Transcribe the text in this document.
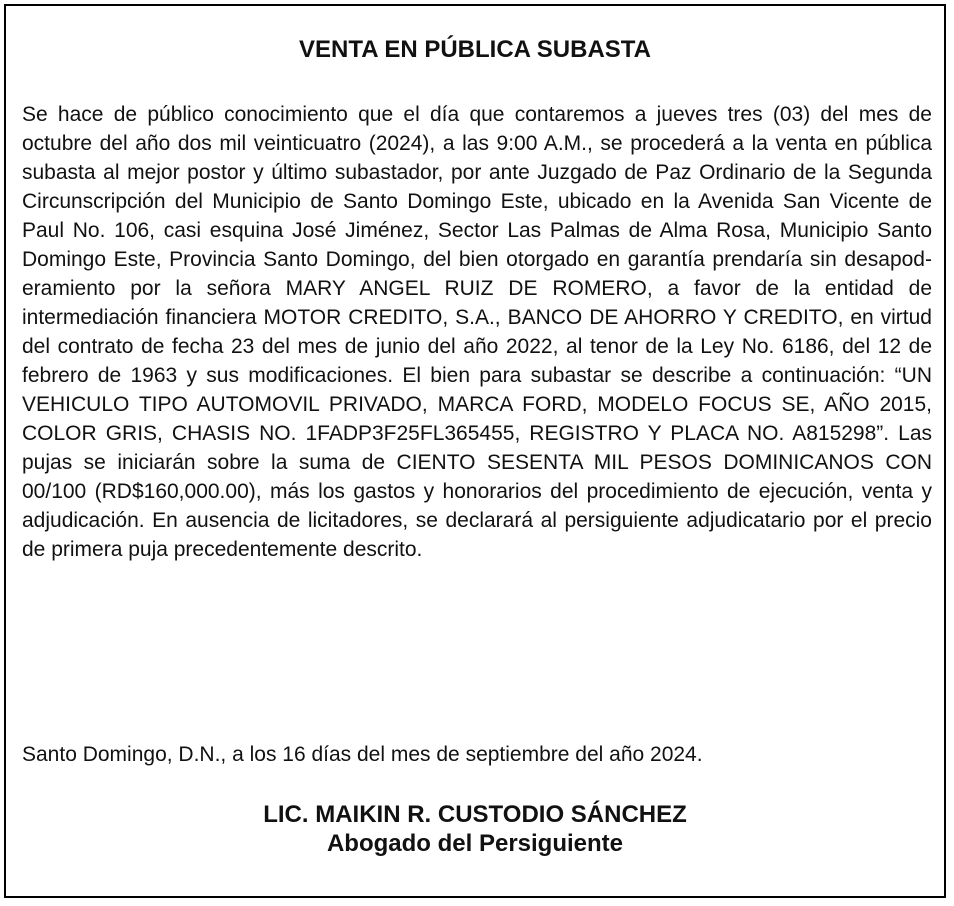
VENTA EN PÚBLICA SUBASTA

Se hace de público conocimiento que el día que contaremos a jueves tres (03) del mes de octubre del año dos mil veinticuatro (2024), a las 9:00 A.M., se procederá a la venta en pública subasta al mejor postor y último subastador, por ante Juzgado de Paz Ordinario de la Segunda Circunscripción del Municipio de Santo Domingo Este, ubicado en la Avenida San Vicente de Paul No. 106, casi esquina José Jiménez, Sector Las Palmas de Alma Rosa, Municipio Santo Domingo Este, Provincia Santo Domingo, del bien otorgado en garantía prendaría sin desapoderamiento por la señora MARY ANGEL RUIZ DE ROMERO, a favor de la entidad de intermediación financiera MOTOR CREDITO, S.A., BANCO DE AHORRO Y CREDITO, en virtud del contrato de fecha 23 del mes de junio del año 2022, al tenor de la Ley No. 6186, del 12 de febrero de 1963 y sus modificaciones. El bien para subastar se describe a continuación: “UN VEHICULO TIPO AUTOMOVIL PRIVADO, MARCA FORD, MODELO FOCUS SE, AÑO 2015, COLOR GRIS, CHASIS NO. 1FADP3F25FL365455, REGISTRO Y PLACA NO. A815298”. Las pujas se iniciarán sobre la suma de CIENTO SESENTA MIL PESOS DOMINICANOS CON 00/100 (RD$160,000.00), más los gastos y honorarios del procedimiento de ejecución, venta y adjudicación. En ausencia de licitadores, se declarará al persiguiente adjudicatario por el precio de primera puja precedentemente descrito.

Santo Domingo, D.N., a los 16 días del mes de septiembre del año 2024.

LIC. MAIKIN R. CUSTODIO SÁNCHEZ
Abogado del Persiguiente
